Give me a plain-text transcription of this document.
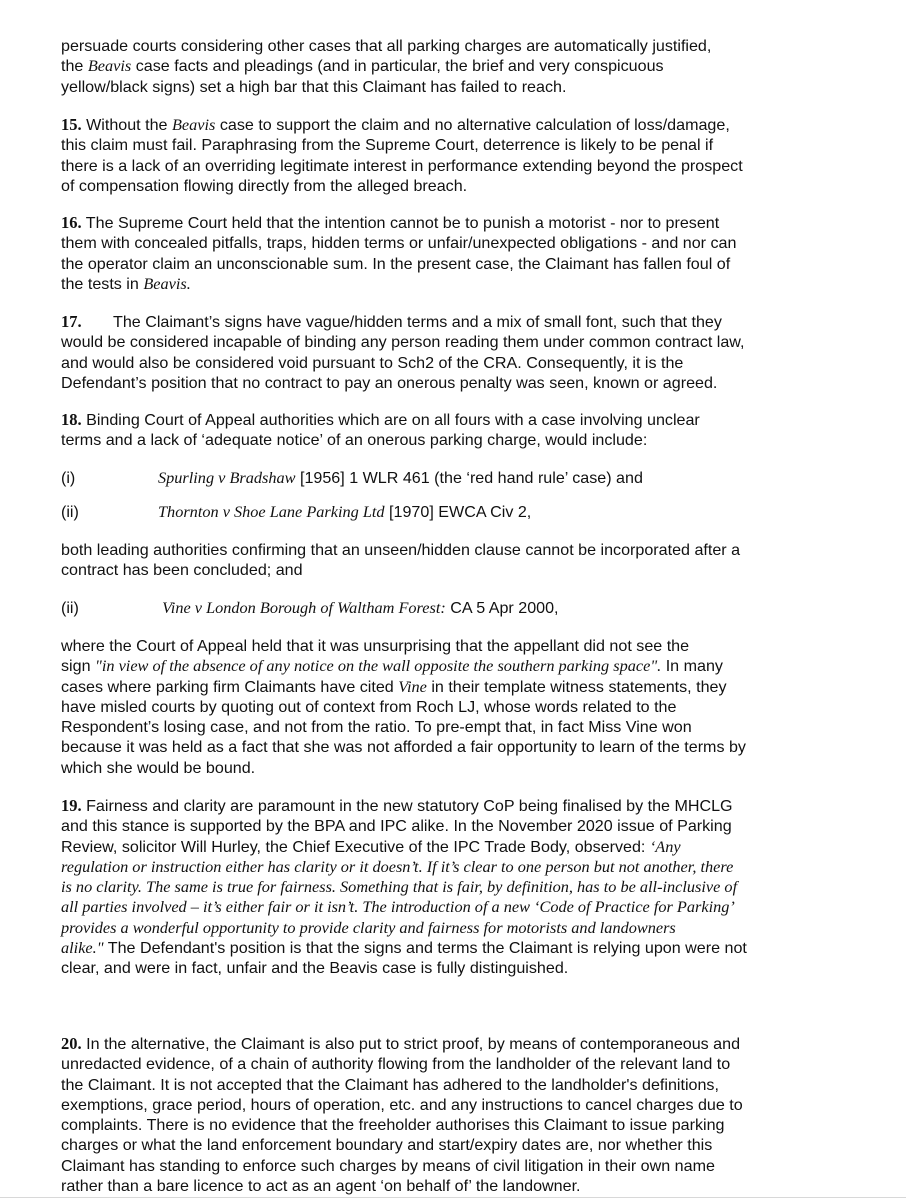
persuade courts considering other cases that all parking charges are automatically justified,
the Beavis case facts and pleadings (and in particular, the brief and very conspicuous
yellow/black signs) set a high bar that this Claimant has failed to reach.
15. Without the Beavis case to support the claim and no alternative calculation of loss/damage,
this claim must fail. Paraphrasing from the Supreme Court, deterrence is likely to be penal if
there is a lack of an overriding legitimate interest in performance extending beyond the prospect
of compensation flowing directly from the alleged breach.
16. The Supreme Court held that the intention cannot be to punish a motorist - nor to present
them with concealed pitfalls, traps, hidden terms or unfair/unexpected obligations - and nor can
the operator claim an unconscionable sum. In the present case, the Claimant has fallen foul of
the tests in Beavis.
17. The Claimant’s signs have vague/hidden terms and a mix of small font, such that they
would be considered incapable of binding any person reading them under common contract law,
and would also be considered void pursuant to Sch2 of the CRA. Consequently, it is the
Defendant’s position that no contract to pay an onerous penalty was seen, known or agreed.
18. Binding Court of Appeal authorities which are on all fours with a case involving unclear
terms and a lack of ‘adequate notice’ of an onerous parking charge, would include:
(i)	Spurling v Bradshaw [1956] 1 WLR 461 (the ‘red hand rule’ case) and
(ii)	Thornton v Shoe Lane Parking Ltd [1970] EWCA Civ 2,
both leading authorities confirming that an unseen/hidden clause cannot be incorporated after a
contract has been concluded; and
(ii)	Vine v London Borough of Waltham Forest: CA 5 Apr 2000,
where the Court of Appeal held that it was unsurprising that the appellant did not see the
sign "in view of the absence of any notice on the wall opposite the southern parking space". In many
cases where parking firm Claimants have cited Vine in their template witness statements, they
have misled courts by quoting out of context from Roch LJ, whose words related to the
Respondent’s losing case, and not from the ratio. To pre-empt that, in fact Miss Vine won
because it was held as a fact that she was not afforded a fair opportunity to learn of the terms by
which she would be bound.
19. Fairness and clarity are paramount in the new statutory CoP being finalised by the MHCLG
and this stance is supported by the BPA and IPC alike. In the November 2020 issue of Parking
Review, solicitor Will Hurley, the Chief Executive of the IPC Trade Body, observed: ‘Any
regulation or instruction either has clarity or it doesn’t. If it’s clear to one person but not another, there
is no clarity. The same is true for fairness. Something that is fair, by definition, has to be all-inclusive of
all parties involved – it’s either fair or it isn’t. The introduction of a new ‘Code of Practice for Parking’
provides a wonderful opportunity to provide clarity and fairness for motorists and landowners
alike." The Defendant's position is that the signs and terms the Claimant is relying upon were not
clear, and were in fact, unfair and the Beavis case is fully distinguished.
20. In the alternative, the Claimant is also put to strict proof, by means of contemporaneous and
unredacted evidence, of a chain of authority flowing from the landholder of the relevant land to
the Claimant. It is not accepted that the Claimant has adhered to the landholder's definitions,
exemptions, grace period, hours of operation, etc. and any instructions to cancel charges due to
complaints. There is no evidence that the freeholder authorises this Claimant to issue parking
charges or what the land enforcement boundary and start/expiry dates are, nor whether this
Claimant has standing to enforce such charges by means of civil litigation in their own name
rather than a bare licence to act as an agent ‘on behalf of’ the landowner.
